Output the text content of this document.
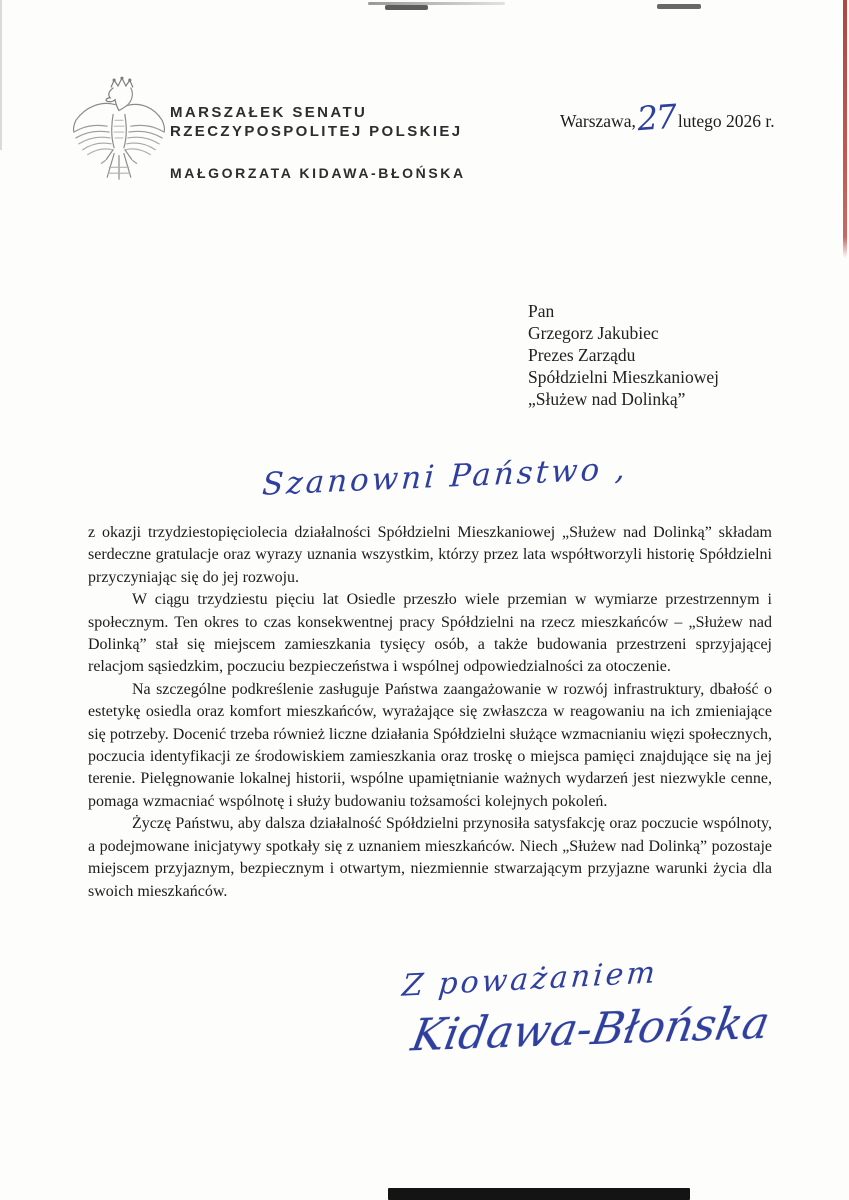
MARSZAŁEK SENATU
RZECZYPOSPOLITEJ POLSKIEJ
MAŁGORZATA KIDAWA-BŁOŃSKA
Warszawa,27lutego 2026 r.
Pan
Grzegorz Jakubiec
Prezes Zarządu
Spółdzielni Mieszkaniowej
„Służew nad Dolinką”
Szanowni Państwo ,

z okazji trzydziestopięciolecia działalności Spółdzielni Mieszkaniowej „Służew nad Dolinką” składam serdeczne gratulacje oraz wyrazy uznania wszystkim, którzy przez lata współtworzyli historię Spółdzielni przyczyniając się do jej rozwoju.

W ciągu trzydziestu pięciu lat Osiedle przeszło wiele przemian w wymiarze przestrzennym i społecznym. Ten okres to czas konsekwentnej pracy Spółdzielni na rzecz mieszkańców – „Służew nad Dolinką” stał się miejscem zamieszkania tysięcy osób, a także budowania przestrzeni sprzyjającej relacjom sąsiedzkim, poczuciu bezpieczeństwa i wspólnej odpowiedzialności za otoczenie.

Na szczególne podkreślenie zasługuje Państwa zaangażowanie w rozwój infrastruktury, dbałość o estetykę osiedla oraz komfort mieszkańców, wyrażające się zwłaszcza w reagowaniu na ich zmieniające się potrzeby. Docenić trzeba również liczne działania Spółdzielni służące wzmacnianiu więzi społecznych, poczucia identyfikacji ze środowiskiem zamieszkania oraz troskę o miejsca pamięci znajdujące się na jej terenie. Pielęgnowanie lokalnej historii, wspólne upamiętnianie ważnych wydarzeń jest niezwykle cenne, pomaga wzmacniać wspólnotę i służy budowaniu tożsamości kolejnych pokoleń.

Życzę Państwu, aby dalsza działalność Spółdzielni przynosiła satysfakcję oraz poczucie wspólnoty, a podejmowane inicjatywy spotkały się z uznaniem mieszkańców. Niech „Służew nad Dolinką” pozostaje miejscem przyjaznym, bezpiecznym i otwartym, niezmiennie stwarzającym przyjazne warunki życia dla swoich mieszkańców.

Z poważaniem
Kidawa-Błońska
